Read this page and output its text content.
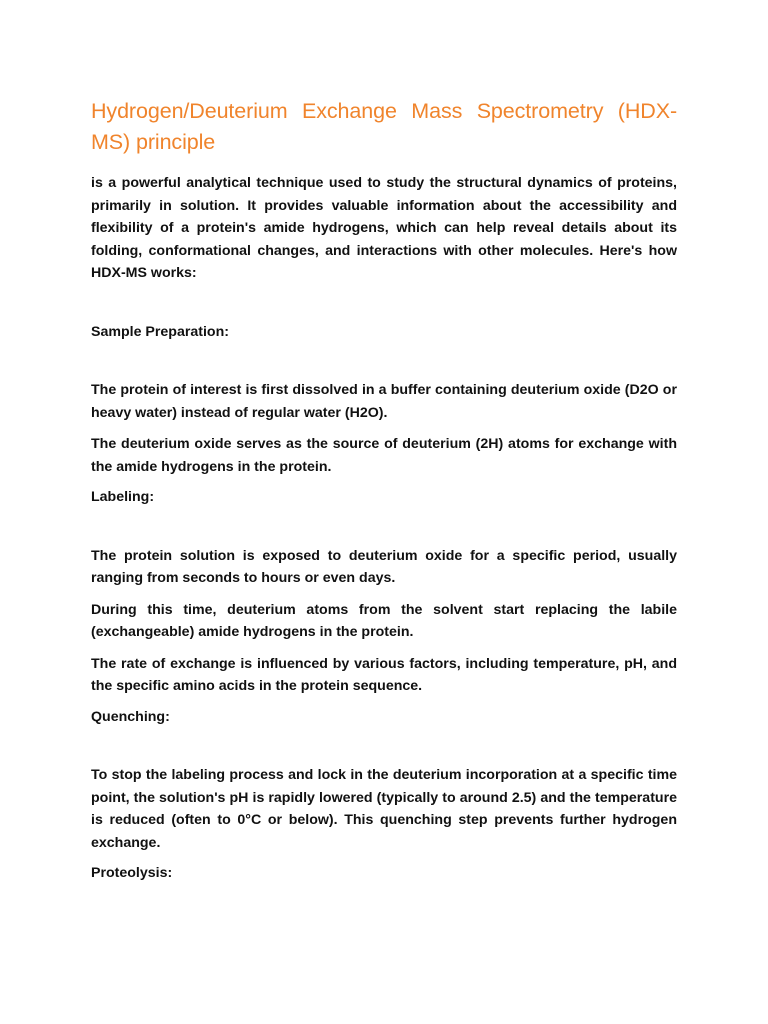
Hydrogen/Deuterium Exchange Mass Spectrometry (HDX-MS) principle

is a powerful analytical technique used to study the structural dynamics of proteins, primarily in solution. It provides valuable information about the accessibility and flexibility of a protein's amide hydrogens, which can help reveal details about its folding, conformational changes, and interactions with other molecules. Here's how HDX-MS works:

Sample Preparation:

The protein of interest is first dissolved in a buffer containing deuterium oxide (D2O or heavy water) instead of regular water (H2O).

The deuterium oxide serves as the source of deuterium (2H) atoms for exchange with the amide hydrogens in the protein.

Labeling:

The protein solution is exposed to deuterium oxide for a specific period, usually ranging from seconds to hours or even days.

During this time, deuterium atoms from the solvent start replacing the labile (exchangeable) amide hydrogens in the protein.

The rate of exchange is influenced by various factors, including temperature, pH, and the specific amino acids in the protein sequence.

Quenching:

To stop the labeling process and lock in the deuterium incorporation at a specific time point, the solution's pH is rapidly lowered (typically to around 2.5) and the temperature is reduced (often to 0°C or below). This quenching step prevents further hydrogen exchange.

Proteolysis:
